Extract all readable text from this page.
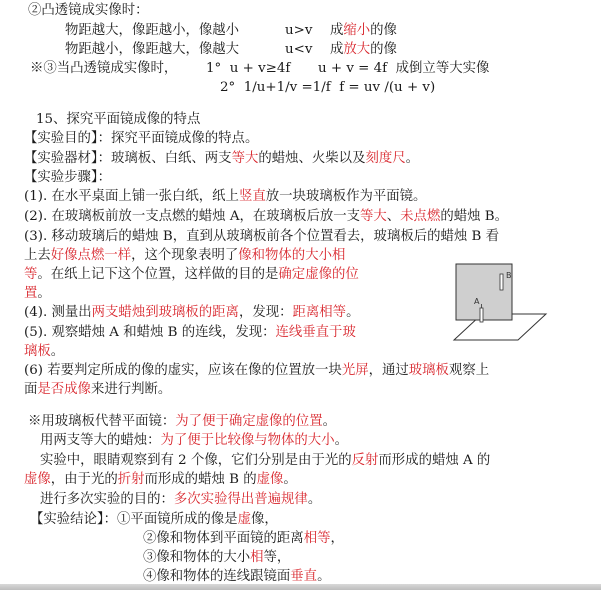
②凸透镜成实像时：
物距越大，像距越小，像越小	u>v 成缩小的像
物距越小，像距越大，像越大	u<v 成放大的像
※③当凸透镜成实像时， 1° u + v≥4f u + v = 4f 成倒立等大实像
2° 1/u+1/v =1/f f = uv /(u + v)
15、探究平面镜成像的特点
【实验目的】：探究平面镜成像的特点。
【实验器材】：玻璃板、白纸、两支等大的蜡烛、火柴以及刻度尺。
【实验步骤】：
(1). 在水平桌面上铺一张白纸，纸上竖直放一块玻璃板作为平面镜。
(2). 在玻璃板前放一支点燃的蜡烛 A，在玻璃板后放一支等大、未点燃的蜡烛 B。
(3). 移动玻璃后的蜡烛 B，直到从玻璃板前各个位置看去，玻璃板后的蜡烛 B 看
上去好像点燃一样，这个现象表明了像和物体的大小相
等。在纸上记下这个位置，这样做的目的是确定虚像的位
置。
(4). 测量出两支蜡烛到玻璃板的距离，发现：距离相等。
(5). 观察蜡烛 A 和蜡烛 B 的连线，发现：连线垂直于玻
璃板。
(6) 若要判定所成的像的虚实，应该在像的位置放一块光屏，通过玻璃板观察上
面是否成像来进行判断。
A
B
※用玻璃板代替平面镜：为了便于确定虚像的位置。
用两支等大的蜡烛：为了便于比较像与物体的大小。
实验中，眼睛观察到有 2 个像，它们分别是由于光的反射而形成的蜡烛 A 的
虚像，由于光的折射而形成的蜡烛 B 的虚像。
进行多次实验的目的：多次实验得出普遍规律。
【实验结论】：①平面镜所成的像是虚像，
②像和物体到平面镜的距离相等，
③像和物体的大小相等，
④像和物体的连线跟镜面垂直。
